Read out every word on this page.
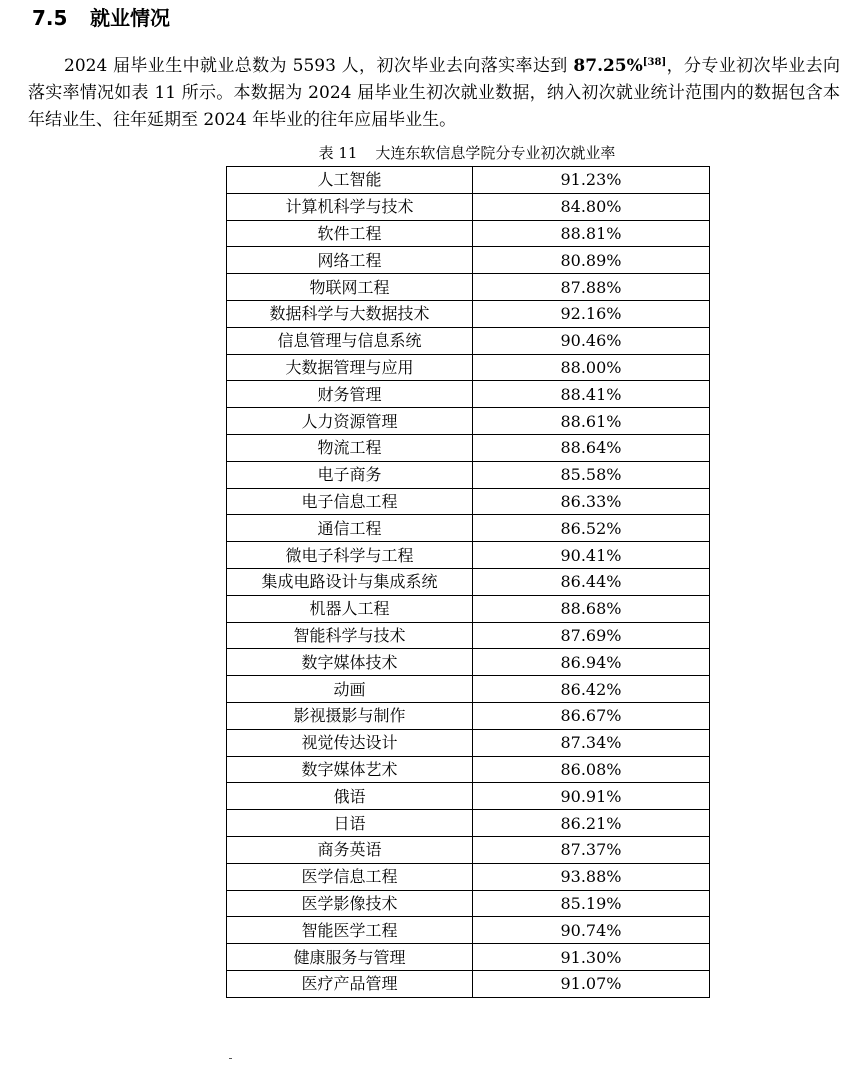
7.5 就业情况

2024 届毕业生中就业总数为 5593 人，初次毕业去向落实率达到 87.25%[38]，分专业初次毕业去向落实率情况如表 11 所示。本数据为 2024 届毕业生初次就业数据，纳入初次就业统计范围内的数据包含本年结业生、往年延期至 2024 年毕业的往年应届毕业生。

表 11 大连东软信息学院分专业初次就业率
人工智能	91.23%
计算机科学与技术	84.80%
软件工程	88.81%
网络工程	80.89%
物联网工程	87.88%
数据科学与大数据技术	92.16%
信息管理与信息系统	90.46%
大数据管理与应用	88.00%
财务管理	88.41%
人力资源管理	88.61%
物流工程	88.64%
电子商务	85.58%
电子信息工程	86.33%
通信工程	86.52%
微电子科学与工程	90.41%
集成电路设计与集成系统	86.44%
机器人工程	88.68%
智能科学与技术	87.69%
数字媒体技术	86.94%
动画	86.42%
影视摄影与制作	86.67%
视觉传达设计	87.34%
数字媒体艺术	86.08%
俄语	90.91%
日语	86.21%
商务英语	87.37%
医学信息工程	93.88%
医学影像技术	85.19%
智能医学工程	90.74%
健康服务与管理	91.30%
医疗产品管理	91.07%
